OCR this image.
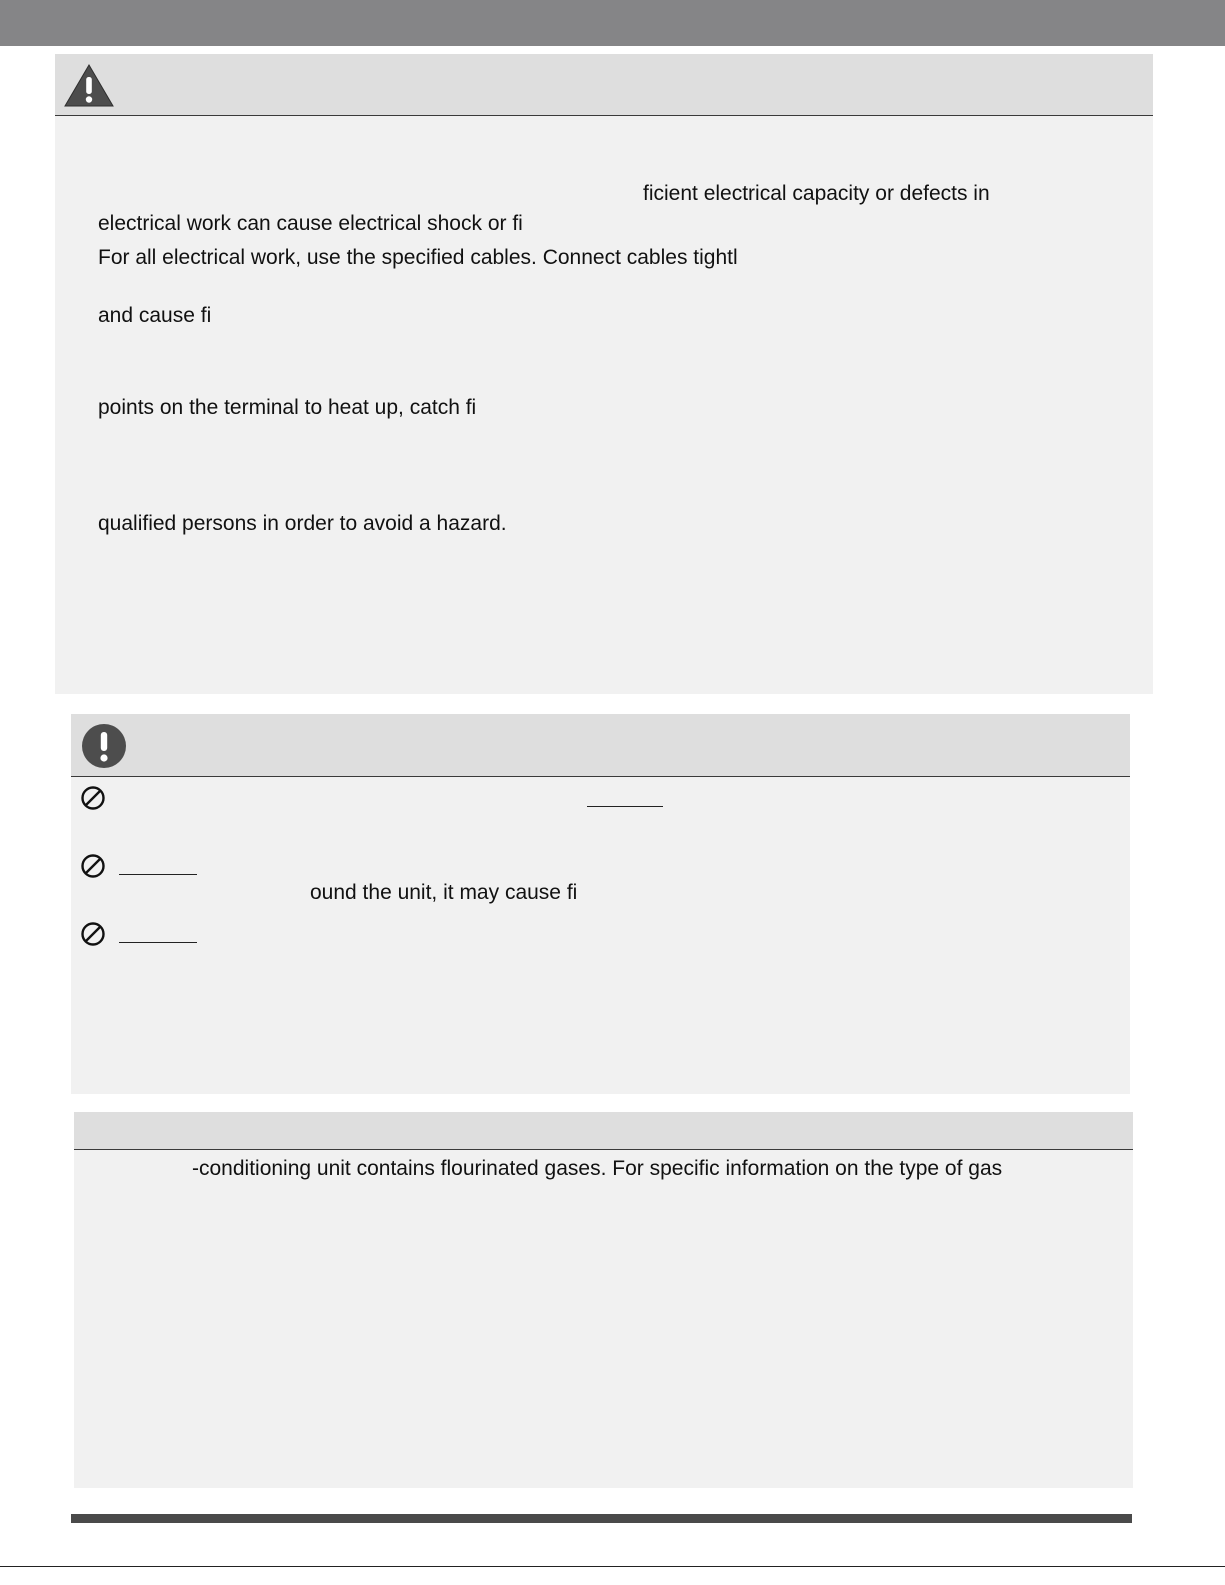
ficient electrical capacity or defects in
electrical work can cause electrical shock or fi
For all electrical work, use the specified cables. Connect cables tightl
and cause fi
points on the terminal to heat up, catch fi
qualified persons in order to avoid a hazard.
ound the unit, it may cause fi
-conditioning unit contains flourinated gases. For specific information on the type of gas
